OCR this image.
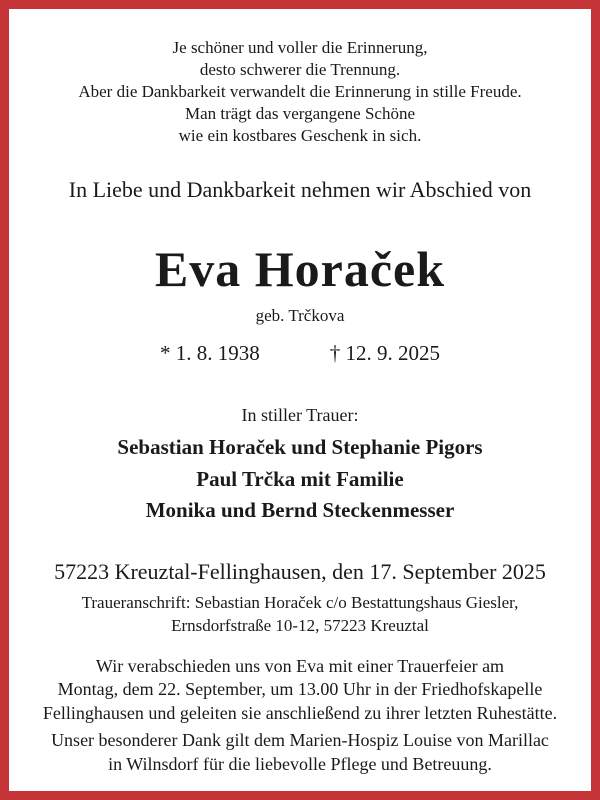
Je schöner und voller die Erinnerung,
desto schwerer die Trennung.
Aber die Dankbarkeit verwandelt die Erinnerung in stille Freude.
Man trägt das vergangene Schöne
wie ein kostbares Geschenk in sich.
In Liebe und Dankbarkeit nehmen wir Abschied von
Eva Horaček
geb. Trčkova
* 1. 8. 1938	† 12. 9. 2025
In stiller Trauer:
Sebastian Horaček und Stephanie Pigors
Paul Trčka mit Familie
Monika und Bernd Steckenmesser
57223 Kreuztal-Fellinghausen, den 17. September 2025
Traueranschrift: Sebastian Horaček c/o Bestattungshaus Giesler,
Ernsdorfstraße 10-12, 57223 Kreuztal
Wir verabschieden uns von Eva mit einer Trauerfeier am
Montag, dem 22. September, um 13.00 Uhr in der Friedhofskapelle
Fellinghausen und geleiten sie anschließend zu ihrer letzten Ruhestätte.
Unser besonderer Dank gilt dem Marien-Hospiz Louise von Marillac
in Wilnsdorf für die liebevolle Pflege und Betreuung.
